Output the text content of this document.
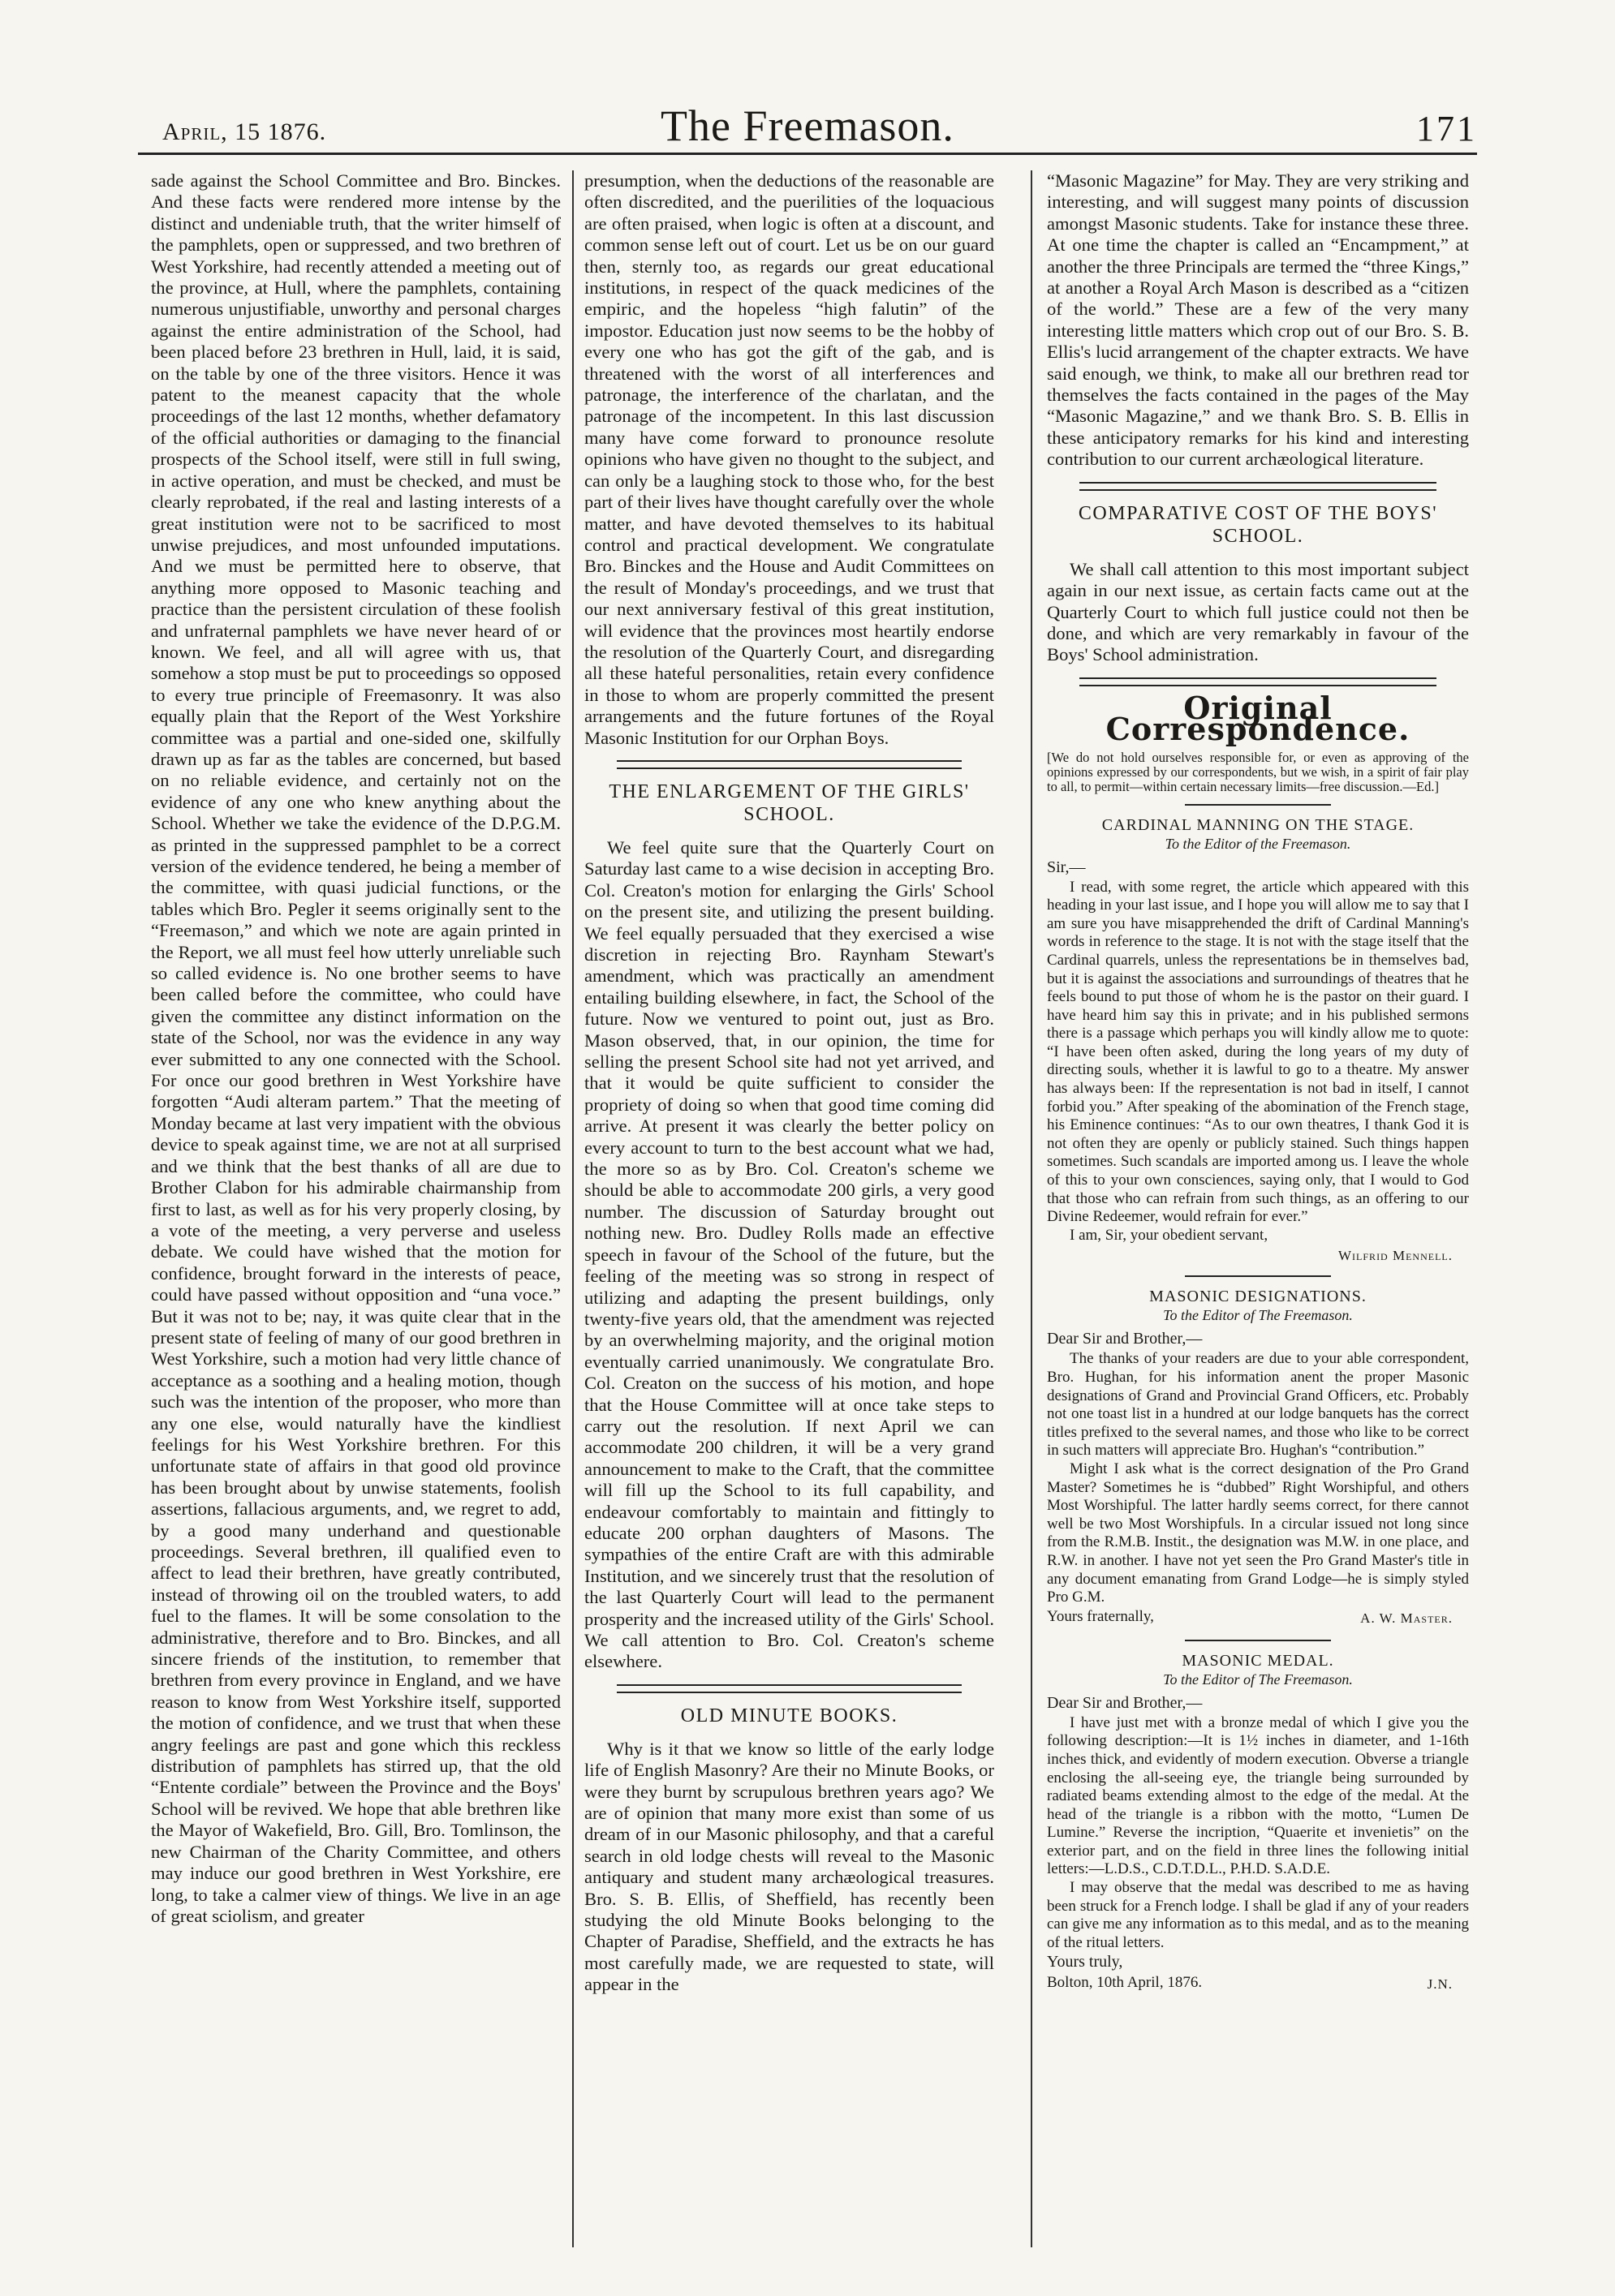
April, 15 1876.	The Freemason.	171

sade against the School Committee and Bro. Binckes. And these facts were rendered more intense by the distinct and undeniable truth, that the writer himself of the pamphlets, open or suppressed, and two brethren of West Yorkshire, had recently attended a meeting out of the province, at Hull, where the pamphlets, containing numerous unjustifiable, unworthy and personal charges against the entire administration of the School, had been placed before 23 brethren in Hull, laid, it is said, on the table by one of the three visitors. Hence it was patent to the meanest capacity that the whole proceedings of the last 12 months, whether defamatory of the official authorities or damaging to the financial prospects of the School itself, were still in full swing, in active operation, and must be checked, and must be clearly reprobated, if the real and lasting interests of a great institution were not to be sacrificed to most unwise prejudices, and most unfounded imputations. And we must be permitted here to observe, that anything more opposed to Masonic teaching and practice than the persistent circulation of these foolish and unfraternal pamphlets we have never heard of or known. We feel, and all will agree with us, that somehow a stop must be put to proceedings so opposed to every true principle of Freemasonry. It was also equally plain that the Report of the West Yorkshire committee was a partial and one-sided one, skilfully drawn up as far as the tables are concerned, but based on no reliable evidence, and certainly not on the evidence of any one who knew anything about the School. Whether we take the evidence of the D.P.G.M. as printed in the suppressed pamphlet to be a correct version of the evidence tendered, he being a member of the committee, with quasi judicial functions, or the tables which Bro. Pegler it seems originally sent to the “Freemason,” and which we note are again printed in the Report, we all must feel how utterly unreliable such so called evidence is. No one brother seems to have been called before the committee, who could have given the committee any distinct information on the state of the School, nor was the evidence in any way ever submitted to any one connected with the School. For once our good brethren in West Yorkshire have forgotten “Audi alteram partem.” That the meeting of Monday became at last very impatient with the obvious device to speak against time, we are not at all surprised and we think that the best thanks of all are due to Brother Clabon for his admirable chairmanship from first to last, as well as for his very properly closing, by a vote of the meeting, a very perverse and useless debate. We could have wished that the motion for confidence, brought forward in the interests of peace, could have passed without opposition and “una voce.” But it was not to be; nay, it was quite clear that in the present state of feeling of many of our good brethren in West Yorkshire, such a motion had very little chance of acceptance as a soothing and a healing motion, though such was the intention of the proposer, who more than any one else, would naturally have the kindliest feelings for his West Yorkshire brethren. For this unfortunate state of affairs in that good old province has been brought about by unwise statements, foolish assertions, fallacious arguments, and, we regret to add, by a good many underhand and questionable proceedings. Several brethren, ill qualified even to affect to lead their brethren, have greatly contributed, instead of throwing oil on the troubled waters, to add fuel to the flames. It will be some consolation to the administrative, therefore and to Bro. Binckes, and all sincere friends of the institution, to remember that brethren from every province in England, and we have reason to know from West Yorkshire itself, supported the motion of confidence, and we trust that when these angry feelings are past and gone which this reckless distribution of pamphlets has stirred up, that the old “Entente cordiale” between the Province and the Boys' School will be revived. We hope that able brethren like the Mayor of Wakefield, Bro. Gill, Bro. Tomlinson, the new Chairman of the Charity Committee, and others may induce our good brethren in West Yorkshire, ere long, to take a calmer view of things. We live in an age of great sciolism, and greater

presumption, when the deductions of the reasonable are often discredited, and the puerilities of the loquacious are often praised, when logic is often at a discount, and common sense left out of court. Let us be on our guard then, sternly too, as regards our great educational institutions, in respect of the quack medicines of the empiric, and the hopeless “high falutin” of the impostor. Education just now seems to be the hobby of every one who has got the gift of the gab, and is threatened with the worst of all interferences and patronage, the interference of the charlatan, and the patronage of the incompetent. In this last discussion many have come forward to pronounce resolute opinions who have given no thought to the subject, and can only be a laughing stock to those who, for the best part of their lives have thought carefully over the whole matter, and have devoted themselves to its habitual control and practical development. We congratulate Bro. Binckes and the House and Audit Committees on the result of Monday's proceedings, and we trust that our next anniversary festival of this great institution, will evidence that the provinces most heartily endorse the resolution of the Quarterly Court, and disregarding all these hateful personalities, retain every confidence in those to whom are properly committed the present arrangements and the future fortunes of the Royal Masonic Institution for our Orphan Boys.

THE ENLARGEMENT OF THE GIRLS' SCHOOL.

We feel quite sure that the Quarterly Court on Saturday last came to a wise decision in accepting Bro. Col. Creaton's motion for enlarging the Girls' School on the present site, and utilizing the present building. We feel equally persuaded that they exercised a wise discretion in rejecting Bro. Raynham Stewart's amendment, which was practically an amendment entailing building elsewhere, in fact, the School of the future. Now we ventured to point out, just as Bro. Mason observed, that, in our opinion, the time for selling the present School site had not yet arrived, and that it would be quite sufficient to consider the propriety of doing so when that good time coming did arrive. At present it was clearly the better policy on every account to turn to the best account what we had, the more so as by Bro. Col. Creaton's scheme we should be able to accommodate 200 girls, a very good number. The discussion of Saturday brought out nothing new. Bro. Dudley Rolls made an effective speech in favour of the School of the future, but the feeling of the meeting was so strong in respect of utilizing and adapting the present buildings, only twenty-five years old, that the amendment was rejected by an overwhelming majority, and the original motion eventually carried unanimously. We congratulate Bro. Col. Creaton on the success of his motion, and hope that the House Committee will at once take steps to carry out the resolution. If next April we can accommodate 200 children, it will be a very grand announcement to make to the Craft, that the committee will fill up the School to its full capability, and endeavour comfortably to maintain and fittingly to educate 200 orphan daughters of Masons. The sympathies of the entire Craft are with this admirable Institution, and we sincerely trust that the resolution of the last Quarterly Court will lead to the permanent prosperity and the increased utility of the Girls' School. We call attention to Bro. Col. Creaton's scheme elsewhere.

OLD MINUTE BOOKS.

Why is it that we know so little of the early lodge life of English Masonry? Are their no Minute Books, or were they burnt by scrupulous brethren years ago? We are of opinion that many more exist than some of us dream of in our Masonic philosophy, and that a careful search in old lodge chests will reveal to the Masonic antiquary and student many archæological treasures. Bro. S. B. Ellis, of Sheffield, has recently been studying the old Minute Books belonging to the Chapter of Paradise, Sheffield, and the extracts he has most carefully made, we are requested to state, will appear in the

“Masonic Magazine” for May. They are very striking and interesting, and will suggest many points of discussion amongst Masonic students. Take for instance these three. At one time the chapter is called an “Encampment,” at another the three Principals are termed the “three Kings,” at another a Royal Arch Mason is described as a “citizen of the world.” These are a few of the very many interesting little matters which crop out of our Bro. S. B. Ellis's lucid arrangement of the chapter extracts. We have said enough, we think, to make all our brethren read tor themselves the facts contained in the pages of the May “Masonic Magazine,” and we thank Bro. S. B. Ellis in these anticipatory remarks for his kind and interesting contribution to our current archæological literature.

COMPARATIVE COST OF THE BOYS' SCHOOL.

We shall call attention to this most important subject again in our next issue, as certain facts came out at the Quarterly Court to which full justice could not then be done, and which are very remarkably in favour of the Boys' School administration.

Original Correspondence.

[We do not hold ourselves responsible for, or even as approving of the opinions expressed by our correspondents, but we wish, in a spirit of fair play to all, to permit—within certain necessary limits—free discussion.—Ed.]

CARDINAL MANNING ON THE STAGE.
To the Editor of the Freemason.
Sir,—

I read, with some regret, the article which appeared with this heading in your last issue, and I hope you will allow me to say that I am sure you have misapprehended the drift of Cardinal Manning's words in reference to the stage. It is not with the stage itself that the Cardinal quarrels, unless the representations be in themselves bad, but it is against the associations and surroundings of theatres that he feels bound to put those of whom he is the pastor on their guard. I have heard him say this in private; and in his published sermons there is a passage which perhaps you will kindly allow me to quote: “I have been often asked, during the long years of my duty of directing souls, whether it is lawful to go to a theatre. My answer has always been: If the representation is not bad in itself, I cannot forbid you.” After speaking of the abomination of the French stage, his Eminence continues: “As to our own theatres, I thank God it is not often they are openly or publicly stained. Such things happen sometimes. Such scandals are imported among us. I leave the whole of this to your own consciences, saying only, that I would to God that those who can refrain from such things, as an offering to our Divine Redeemer, would refrain for ever.”

I am, Sir, your obedient servant,

Wilfrid Mennell.
MASONIC DESIGNATIONS.
To the Editor of The Freemason.
Dear Sir and Brother,—

The thanks of your readers are due to your able correspondent, Bro. Hughan, for his information anent the proper Masonic designations of Grand and Provincial Grand Officers, etc. Probably not one toast list in a hundred at our lodge banquets has the correct titles prefixed to the several names, and those who like to be correct in such matters will appreciate Bro. Hughan's “contribution.”

Might I ask what is the correct designation of the Pro Grand Master? Sometimes he is “dubbed” Right Worshipful, and others Most Worshipful. The latter hardly seems correct, for there cannot well be two Most Worshipfuls. In a circular issued not long since from the R.M.B. Instit., the designation was M.W. in one place, and R.W. in another. I have not yet seen the Pro Grand Master's title in any document emanating from Grand Lodge—he is simply styled Pro G.M.

Yours fraternally,	A. W. Master.
MASONIC MEDAL.
To the Editor of The Freemason.
Dear Sir and Brother,—

I have just met with a bronze medal of which I give you the following description:—It is 1½ inches in diameter, and 1-16th inches thick, and evidently of modern execution. Obverse a triangle enclosing the all-seeing eye, the triangle being surrounded by radiated beams extending almost to the edge of the medal. At the head of the triangle is a ribbon with the motto, “Lumen De Lumine.” Reverse the incription, “Quaerite et invenietis” on the exterior part, and on the field in three lines the following initial letters:—L.D.S., C.D.T.D.L., P.H.D. S.A.D.E.

I may observe that the medal was described to me as having been struck for a French lodge. I shall be glad if any of your readers can give me any information as to this medal, and as to the meaning of the ritual letters.

Yours truly,
Bolton, 10th April, 1876.	J.N.
